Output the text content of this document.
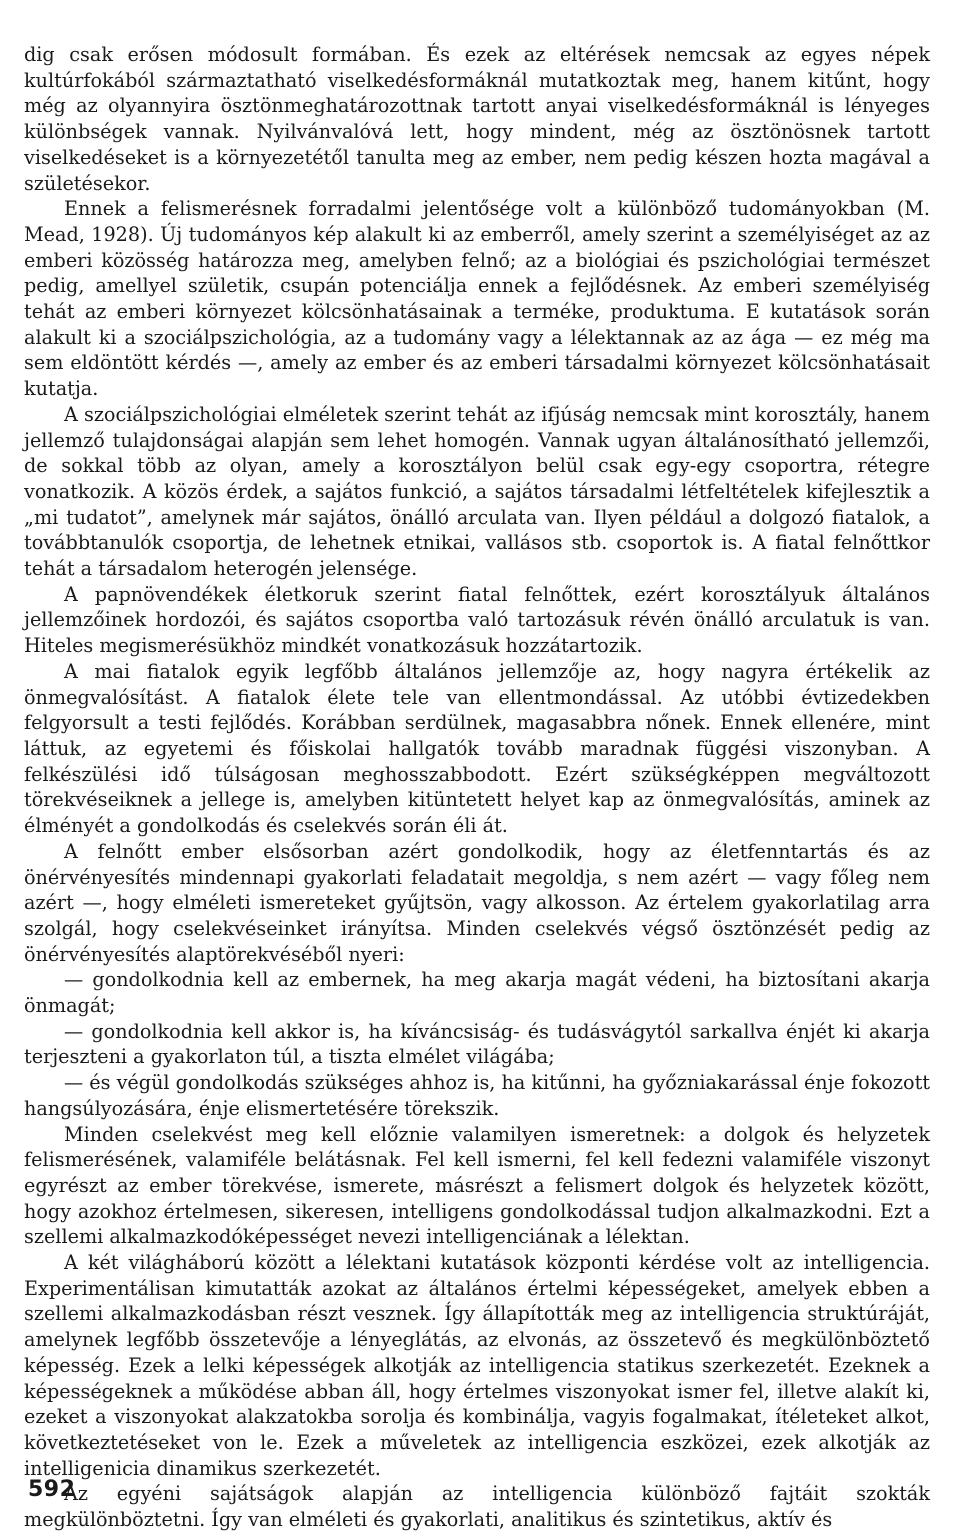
dig csak erősen módosult formában. És ezek az eltérések nemcsak az egyes népek kultúrfokából származtatható viselkedésformáknál mutatkoztak meg, hanem kitűnt, hogy még az olyannyira ösztönmeghatározottnak tartott anyai viselkedésformáknál is lényeges különbségek vannak. Nyilvánvalóvá lett, hogy mindent, még az ösztönösnek tartott viselkedéseket is a környezetétől tanulta meg az ember, nem pedig készen hozta magával a születésekor.

Ennek a felismerésnek forradalmi jelentősége volt a különböző tudományokban (M. Mead, 1928). Új tudományos kép alakult ki az emberről, amely szerint a személyiséget az az emberi közösség határozza meg, amelyben felnő; az a biológiai és pszichológiai természet pedig, amellyel születik, csupán potenciálja ennek a fejlődésnek. Az emberi személyiség tehát az emberi környezet kölcsönhatásainak a terméke, produktuma. E kutatások során alakult ki a szociálpszichológia, az a tudomány vagy a lélektannak az az ága — ez még ma sem eldöntött kérdés —, amely az ember és az emberi társadalmi környezet kölcsönhatásait kutatja.

A szociálpszichológiai elméletek szerint tehát az ifjúság nemcsak mint korosztály, hanem jellemző tulajdonságai alapján sem lehet homogén. Vannak ugyan általánosítható jellemzői, de sokkal több az olyan, amely a korosztályon belül csak egy-egy csoportra, rétegre vonatkozik. A közös érdek, a sajátos funkció, a sajátos társadalmi létfeltételek kifejlesztik a „mi tudatot”, amelynek már sajátos, önálló arculata van. Ilyen például a dolgozó fiatalok, a továbbtanulók csoportja, de lehetnek etnikai, vallásos stb. csoportok is. A fiatal felnőttkor tehát a társadalom heterogén jelensége.

A papnövendékek életkoruk szerint fiatal felnőttek, ezért korosztályuk általános jellemzőinek hordozói, és sajátos csoportba való tartozásuk révén önálló arculatuk is van. Hiteles megismerésükhöz mindkét vonatkozásuk hozzátartozik.

A mai fiatalok egyik legfőbb általános jellemzője az, hogy nagyra értékelik az önmegvalósítást. A fiatalok élete tele van ellentmondással. Az utóbbi évtizedekben felgyorsult a testi fejlődés. Korábban serdülnek, magasabbra nőnek. Ennek ellenére, mint láttuk, az egyetemi és főiskolai hallgatók tovább maradnak függési viszonyban. A felkészülési idő túlságosan meghosszabbodott. Ezért szükségképpen megváltozott törekvéseiknek a jellege is, amelyben kitüntetett helyet kap az önmegvalósítás, aminek az élményét a gondolkodás és cselekvés során éli át.

A felnőtt ember elsősorban azért gondolkodik, hogy az életfenntartás és az önérvényesítés mindennapi gyakorlati feladatait megoldja, s nem azért — vagy főleg nem azért —, hogy elméleti ismereteket gyűjtsön, vagy alkosson. Az értelem gyakorlatilag arra szolgál, hogy cselekvéseinket irányítsa. Minden cselekvés végső ösztönzését pedig az önérvényesítés alaptörekvéséből nyeri:

— gondolkodnia kell az embernek, ha meg akarja magát védeni, ha biztosítani akarja önmagát;

— gondolkodnia kell akkor is, ha kíváncsiság- és tudásvágytól sarkallva énjét ki akarja terjeszteni a gyakorlaton túl, a tiszta elmélet világába;

— és végül gondolkodás szükséges ahhoz is, ha kitűnni, ha győzniakarással énje fokozott hangsúlyozására, énje elismertetésére törekszik.

Minden cselekvést meg kell előznie valamilyen ismeretnek: a dolgok és helyzetek felismerésének, valamiféle belátásnak. Fel kell ismerni, fel kell fedezni valamiféle viszonyt egyrészt az ember törekvése, ismerete, másrészt a felismert dolgok és helyzetek között, hogy azokhoz értelmesen, sikeresen, intelligens gondolkodással tudjon alkalmazkodni. Ezt a szellemi alkalmazkodóképességet nevezi intelligenciának a lélektan.

A két világháború között a lélektani kutatások központi kérdése volt az intelligencia. Experimentálisan kimutatták azokat az általános értelmi képességeket, amelyek ebben a szellemi alkalmazkodásban részt vesznek. Így állapították meg az intelligencia struktúráját, amelynek legfőbb összetevője a lényeglátás, az elvonás, az összetevő és megkülönböztető képesség. Ezek a lelki képességek alkotják az intelligencia statikus szerkezetét. Ezeknek a képességeknek a működése abban áll, hogy értelmes viszonyokat ismer fel, illetve alakít ki, ezeket a viszonyokat alakzatokba sorolja és kombinálja, vagyis fogalmakat, ítéleteket alkot, következtetéseket von le. Ezek a műveletek az intelligencia eszközei, ezek alkotják az intelligenicia dinamikus szerkezetét.

Az egyéni sajátságok alapján az intelligencia különböző fajtáit szokták megkülönböztetni. Így van elméleti és gyakorlati, analitikus és szintetikus, aktív és

592
